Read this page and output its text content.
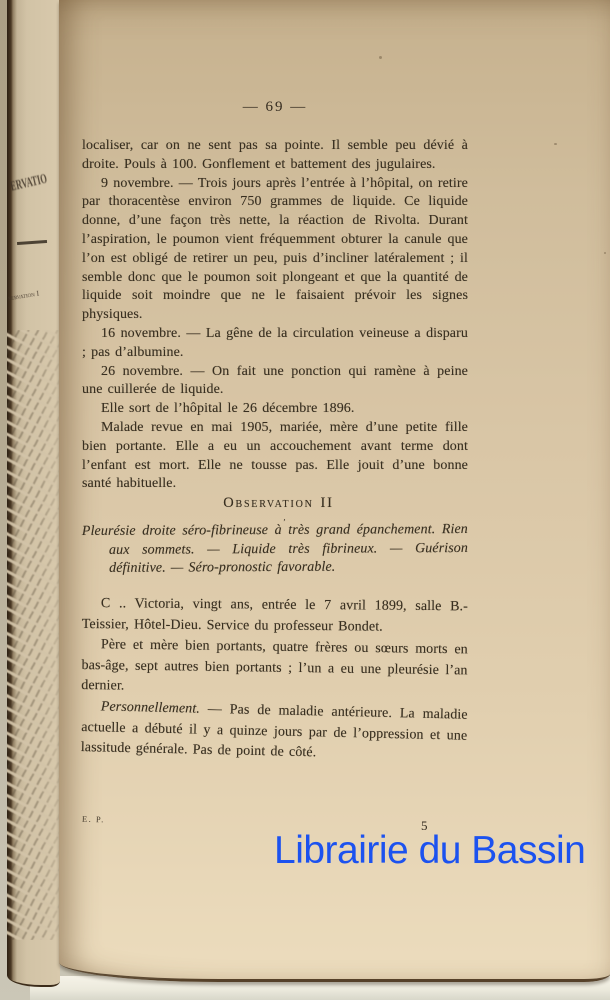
ERVATIO
servation I
— 69 —

localiser, car on ne sent pas sa pointe. Il semble peu dévié à droite. Pouls à 100. Gonflement et battement des jugulaires.

9 novembre. — Trois jours après l’entrée à l’hôpital, on retire par thoracentèse environ 750 grammes de liquide. Ce liquide donne, d’une façon très nette, la réaction de Rivolta. Durant l’aspiration, le poumon vient fréquemment obturer la canule que l’on est obligé de retirer un peu, puis d’incliner latéralement ; il semble donc que le poumon soit plongeant et que la quantité de liquide soit moindre que ne le faisaient prévoir les signes physiques.

16 novembre. — La gêne de la circulation veineuse a disparu ; pas d’albumine.

26 novembre. — On fait une ponction qui ramène à peine une cuillerée de liquide.

Elle sort de l’hôpital le 26 décembre 1896.

Malade revue en mai 1905, mariée, mère d’une petite fille bien portante. Elle a eu un accouchement avant terme dont l’enfant est mort. Elle ne tousse pas. Elle jouit d’une bonne santé habituelle.

Observation II

,

Pleurésie droite séro-fibrineuse à très grand épanchement. Rien aux sommets. — Liquide très fibrineux. — Guérison définitive. — Séro-pronostic favorable.

C .. Victoria, vingt ans, entrée le 7 avril 1899, salle B.-Teissier, Hôtel-Dieu. Service du professeur Bondet.

Père et mère bien portants, quatre frères ou sœurs morts en bas-âge, sept autres bien portants ; l’un a eu une pleurésie l’an dernier.

Personnellement. — Pas de maladie antérieure. La maladie actuelle a débuté il y a quinze jours par de l’oppression et une lassitude générale. Pas de point de côté.

E. P.	5
Librairie du Bassin
